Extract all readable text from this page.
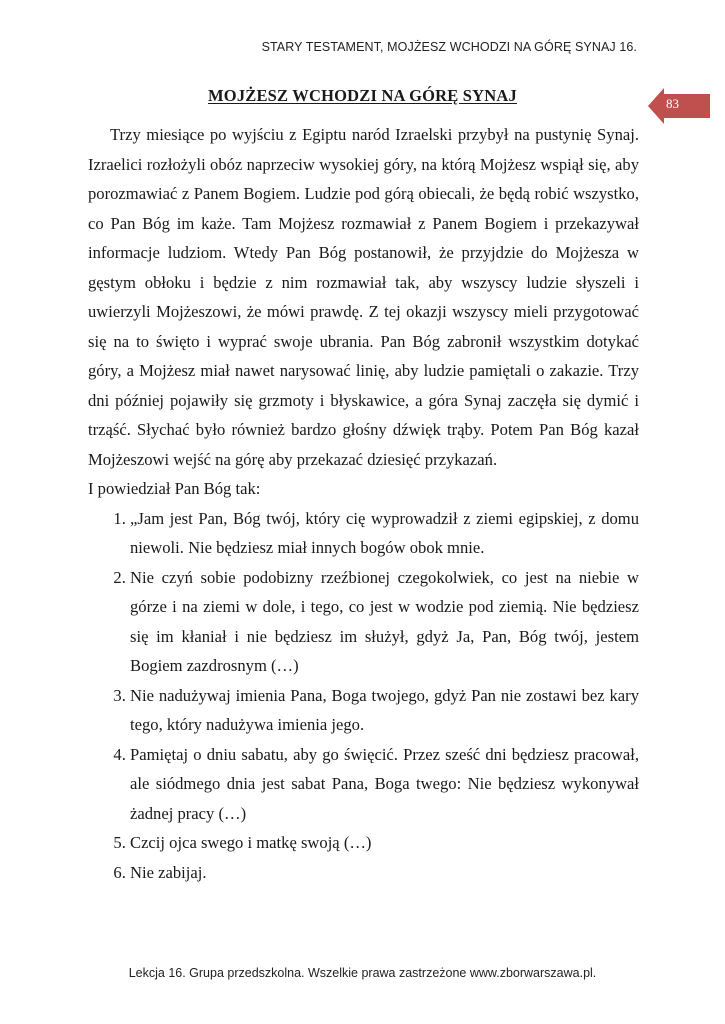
STARY TESTAMENT, MOJŻESZ WCHODZI NA GÓRĘ SYNAJ 16.
MOJŻESZ WCHODZI NA GÓRĘ SYNAJ	83

Trzy miesiące po wyjściu z Egiptu naród Izraelski przybył na pustynię Synaj. Izraelici rozłożyli obóz naprzeciw wysokiej góry, na którą Mojżesz wspiął się, aby porozmawiać z Panem Bogiem. Ludzie pod górą obiecali, że będą robić wszystko, co Pan Bóg im każe. Tam Mojżesz rozmawiał z Panem Bogiem i przekazywał informacje ludziom. Wtedy Pan Bóg postanowił, że przyjdzie do Mojżesza w gęstym obłoku i będzie z nim rozmawiał tak, aby wszyscy ludzie słyszeli i uwierzyli Mojżeszowi, że mówi prawdę. Z tej okazji wszyscy mieli przygotować się na to święto i wyprać swoje ubrania. Pan Bóg zabronił wszystkim dotykać góry, a Mojżesz miał nawet narysować linię, aby ludzie pamiętali o zakazie. Trzy dni później pojawiły się grzmoty i błyskawice, a góra Synaj zaczęła się dymić i trząść. Słychać było również bardzo głośny dźwięk trąby. Potem Pan Bóg kazał Mojżeszowi wejść na górę aby przekazać dziesięć przykazań.

I powiedział Pan Bóg tak:

1. „Jam jest Pan, Bóg twój, który cię wyprowadził z ziemi egipskiej, z domu niewoli. Nie będziesz miał innych bogów obok mnie.
2. Nie czyń sobie podobizny rzeźbionej czegokolwiek, co jest na niebie w górze i na ziemi w dole, i tego, co jest w wodzie pod ziemią. Nie będziesz się im kłaniał i nie będziesz im służył, gdyż Ja, Pan, Bóg twój, jestem Bogiem zazdrosnym (…)
3. Nie nadużywaj imienia Pana, Boga twojego, gdyż Pan nie zostawi bez kary tego, który nadużywa imienia jego.
4. Pamiętaj o dniu sabatu, aby go święcić. Przez sześć dni będziesz pracował, ale siódmego dnia jest sabat Pana, Boga twego: Nie będziesz wykonywał żadnej pracy (…)
5. Czcij ojca swego i matkę swoją (…)
6. Nie zabijaj.
Lekcja 16. Grupa przedszkolna. Wszelkie prawa zastrzeżone www.zborwarszawa.pl.
